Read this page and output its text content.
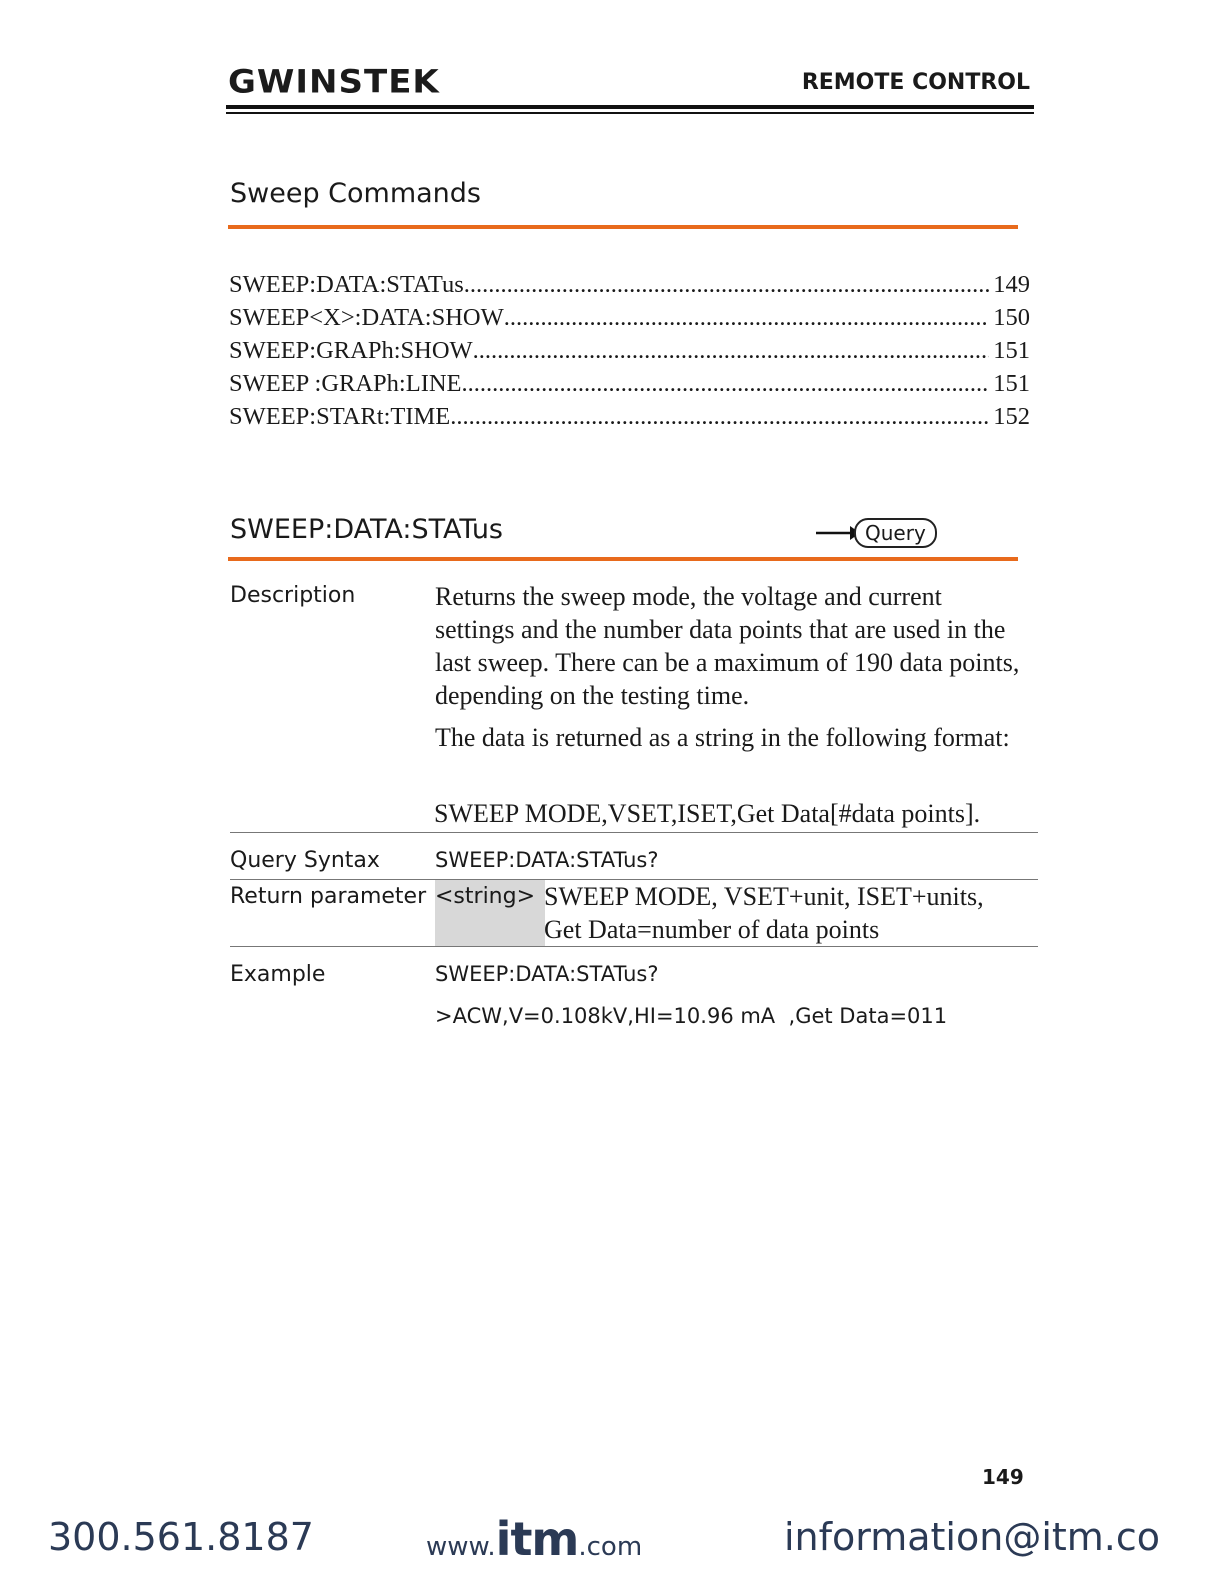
GWINSTEK	REMOTE CONTROL
Sweep Commands
SWEEP:DATA:STATus .....	149
SWEEP<X>:DATA:SHOW .....	150
SWEEP:GRAPh:SHOW .....	151
SWEEP :GRAPh:LINE .....	151
SWEEP:STARt:TIME .....	152
SWEEP:DATA:STATus	Query
Description	Returns the sweep mode, the voltage and current settings and the number data points that are used in the last sweep. There can be a maximum of 190 data points, depending on the testing time.
The data is returned as a string in the following format:
SWEEP MODE,VSET,ISET,Get Data[#data points].
Query Syntax	SWEEP:DATA:STATus?
Return parameter <string> SWEEP MODE, VSET+unit, ISET+units,
Get Data=number of data points
Example	SWEEP:DATA:STATus?
>ACW,V=0.108kV,HI=10.96 mA  ,Get Data=011
149
300.561.8187	www.itm.com	information@itm.co
